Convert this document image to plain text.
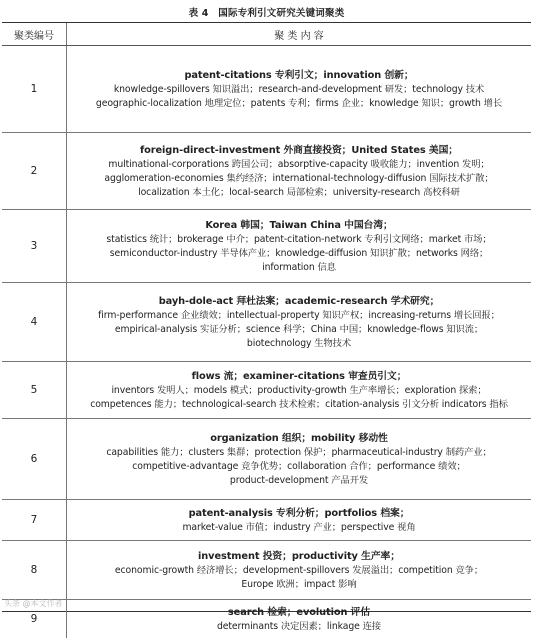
表 4　国际专利引文研究关键词聚类
聚类编号	聚 类 内 容
1
patent-citations 专利引文；innovation 创新；
knowledge-spillovers 知识溢出；research-and-development 研发；technology 技术
geographic-localization 地理定位；patents 专利；firms 企业；knowledge 知识；growth 增长
2
foreign-direct-investment 外商直接投资；United States 美国；
multinational-corporations 跨国公司；absorptive-capacity 吸收能力；invention 发明；
agglomeration-economies 集约经济；international-technology-diffusion 国际技术扩散；
localization 本土化；local-search 局部检索；university-research 高校科研
3
Korea 韩国；Taiwan China 中国台湾；
statistics 统计；brokerage 中介；patent-citation-network 专利引文网络；market 市场；
semiconductor-industry 半导体产业；knowledge-diffusion 知识扩散；networks 网络；
information 信息
4
bayh-dole-act 拜杜法案；academic-research 学术研究；
firm-performance 企业绩效；intellectual-property 知识产权；increasing-returns 增长回报；
empirical-analysis 实证分析；science 科学；China 中国；knowledge-flows 知识流；
biotechnology 生物技术
5
flows 流；examiner-citations 审查员引文；
inventors 发明人；models 模式；productivity-growth 生产率增长；exploration 探索；
competences 能力；technological-search 技术检索；citation-analysis 引文分析 indicators 指标
6
organization 组织；mobility 移动性
capabilities 能力；clusters 集群；protection 保护；pharmaceutical-industry 制药产业；
competitive-advantage 竞争优势；collaboration 合作；performance 绩效；
product-development 产品开发
7
patent-analysis 专利分析；portfolios 档案；
market-value 市值；industry 产业；perspective 视角
8
investment 投资；productivity 生产率；
economic-growth 经济增长；development-spillovers 发展溢出；competition 竞争；
Europe 欧洲；impact 影响
9
search 检索；evolution 评估
determinants 决定因素；linkage 连接
头条 @本文作者
